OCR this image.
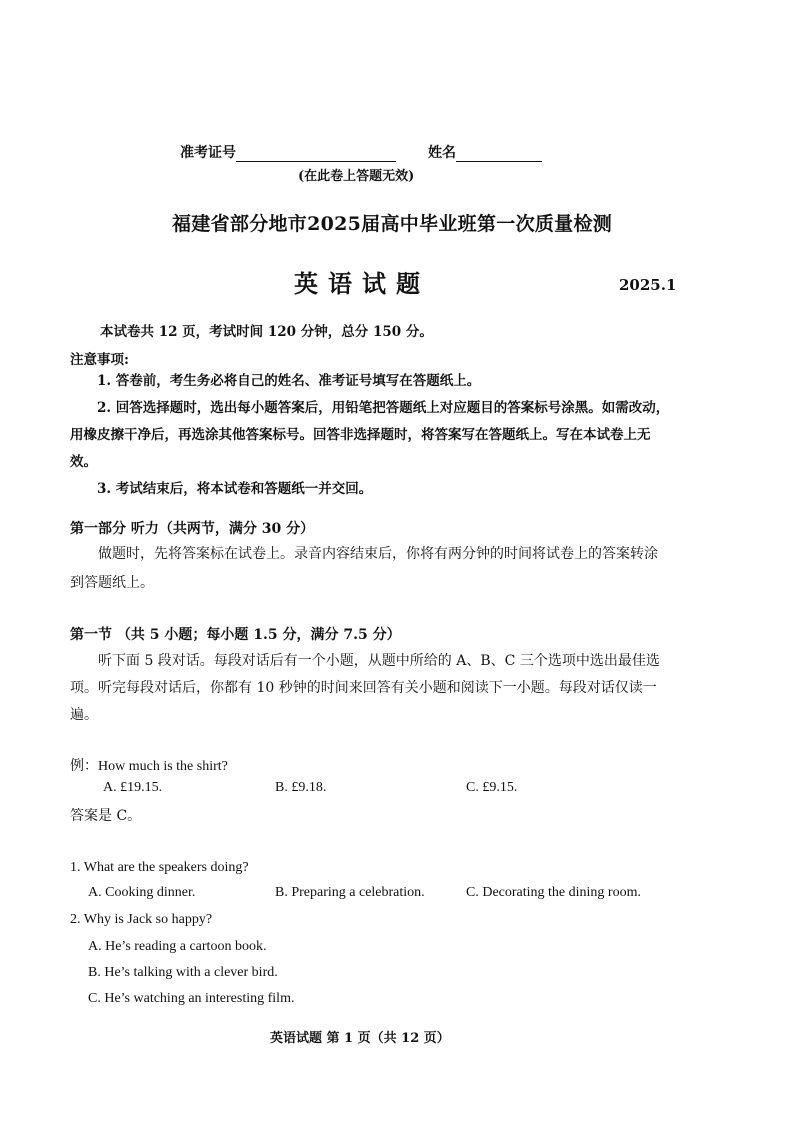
准考证号	姓名
(在此卷上答题无效)
福建省部分地市2025届高中毕业班第一次质量检测
英语试题	2025.1
本试卷共 12 页，考试时间 120 分钟，总分 150 分。
注意事项:
1. 答卷前，考生务必将自己的姓名、准考证号填写在答题纸上。
2. 回答选择题时，选出每小题答案后，用铅笔把答题纸上对应题目的答案标号涂黑。如需改动，用橡皮擦干净后，再选涂其他答案标号。回答非选择题时，将答案写在答题纸上。写在本试卷上无效。
3. 考试结束后，将本试卷和答题纸一并交回。
第一部分 听力（共两节，满分 30 分）
做题时，先将答案标在试卷上。录音内容结束后，你将有两分钟的时间将试卷上的答案转涂到答题纸上。
第一节 （共 5 小题；每小题 1.5 分，满分 7.5 分）
听下面 5 段对话。每段对话后有一个小题，从题中所给的 A、B、C 三个选项中选出最佳选项。听完每段对话后，你都有 10 秒钟的时间来回答有关小题和阅读下一小题。每段对话仅读一遍。
例：How much is the shirt?
A. £19.15.	B. £9.18.	C. £9.15.
答案是 C。
1. What are the speakers doing?
A. Cooking dinner.	B. Preparing a celebration.	C. Decorating the dining room.
2. Why is Jack so happy?
A. He’s reading a cartoon book.
B. He’s talking with a clever bird.
C. He’s watching an interesting film.
英语试题 第 1 页（共 12 页）
